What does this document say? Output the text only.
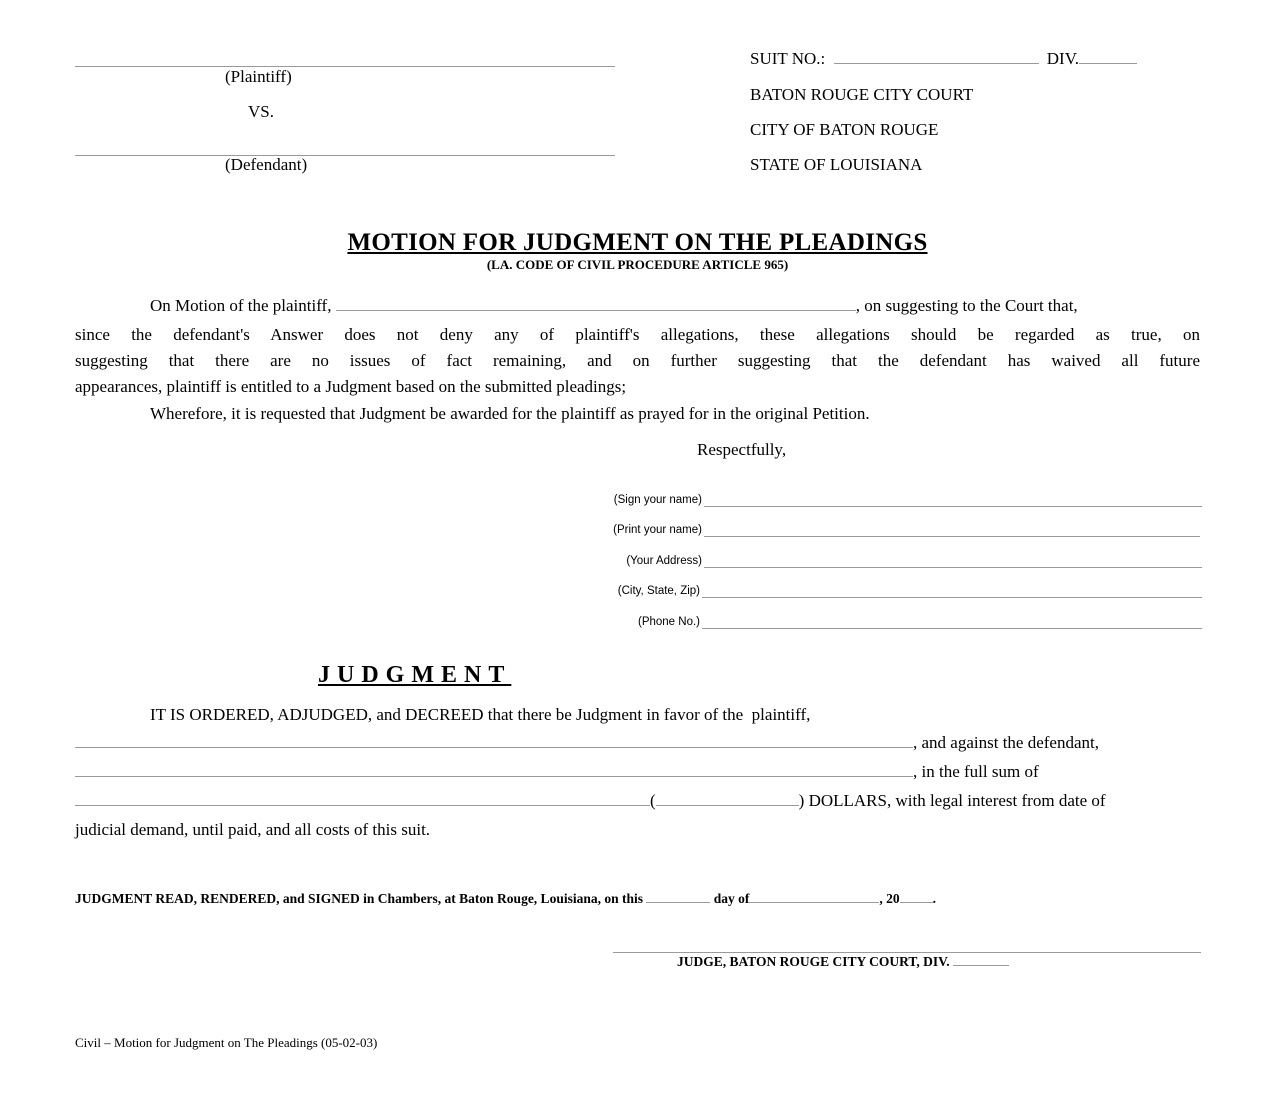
(Plaintiff)
VS.
(Defendant)
SUIT NO.:	DIV.
BATON ROUGE CITY COURT
CITY OF BATON ROUGE
STATE OF LOUISIANA
MOTION FOR JUDGMENT ON THE PLEADINGS
(LA. CODE OF CIVIL PROCEDURE ARTICLE 965)
On Motion of the plaintiff,	, on suggesting to the Court that,
since the defendant's Answer does not deny any of plaintiff's allegations, these allegations should be regarded as true, on
suggesting that there are no issues of fact remaining, and on further suggesting that the defendant has waived all future
appearances, plaintiff is entitled to a Judgment based on the submitted pleadings;
Wherefore, it is requested that Judgment be awarded for the plaintiff as prayed for in the original Petition.
Respectfully,
(Sign your name)
(Print your name)
(Your Address)
(City, State, Zip)
(Phone No.)
JUDGMENT
IT IS ORDERED, ADJUDGED, and DECREED that there be Judgment in favor of the  plaintiff,
, and against the defendant,
, in the full sum of
(	) DOLLARS, with legal interest from date of
judicial demand, until paid, and all costs of this suit.
JUDGMENT READ, RENDERED, and SIGNED in Chambers, at Baton Rouge, Louisiana, on this	day of	, 20 .
JUDGE, BATON ROUGE CITY COURT, DIV.
Civil – Motion for Judgment on The Pleadings (05-02-03)
